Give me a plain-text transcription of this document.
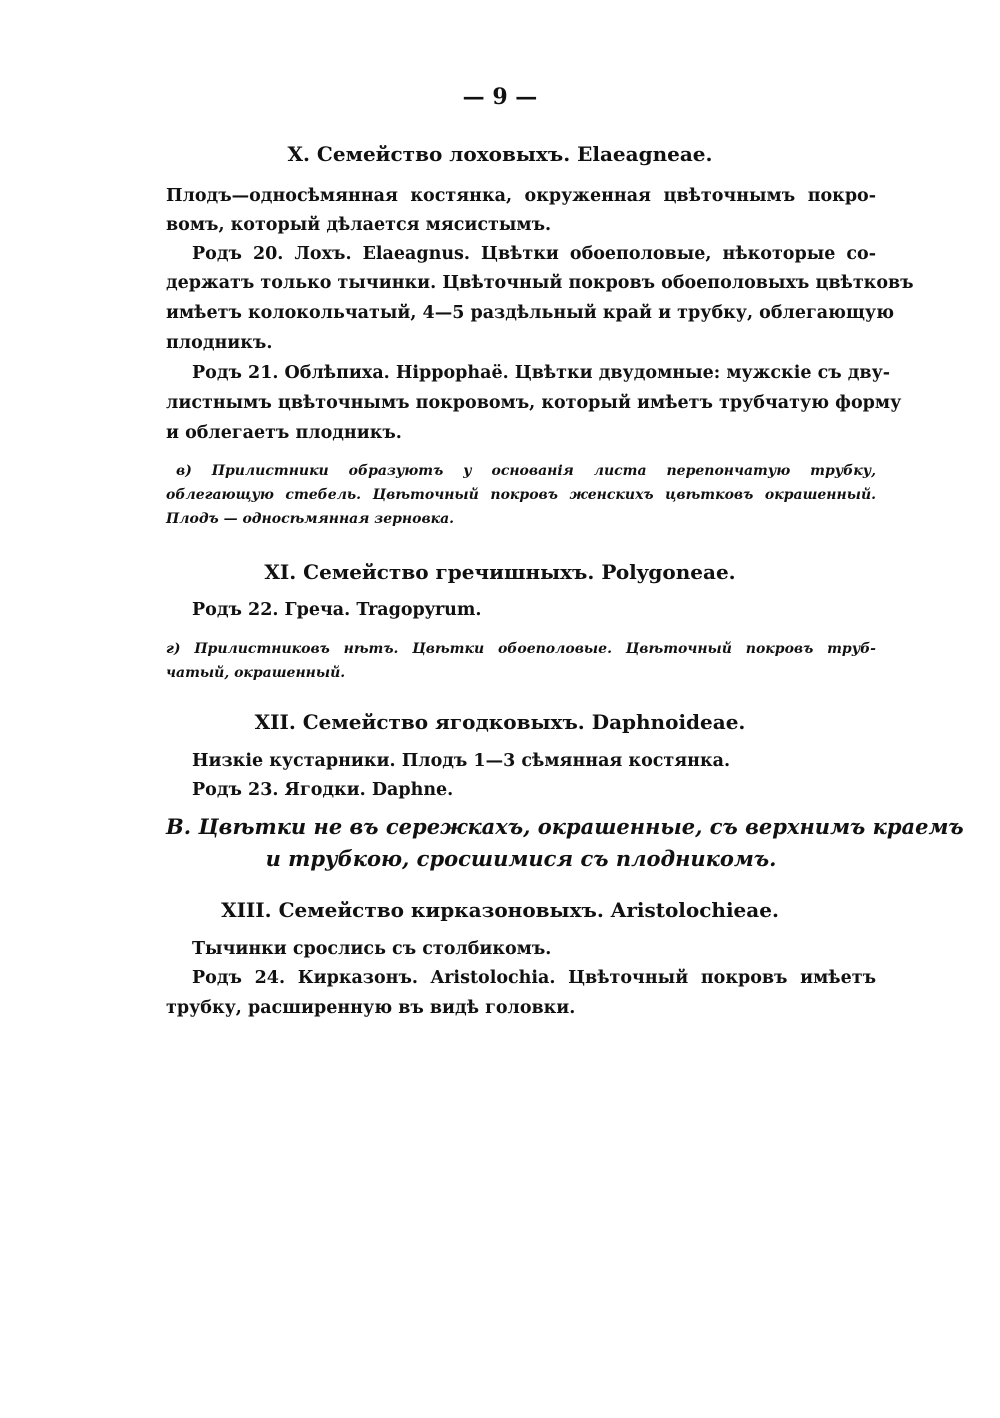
— 9 —
X. Семейство лоховыхъ. Elaeagneae.
Плодъ—односѣмянная костянка, окруженная цвѣточнымъ покро-
вомъ, который дѣлается мясистымъ.
Родъ 20. Лохъ. Elaeagnus. Цвѣтки обоеполовые, нѣкоторые со-
держатъ только тычинки. Цвѣточный покровъ обоеполовыхъ цвѣтковъ
имѣетъ колокольчатый, 4—5 раздѣльный край и трубку, облегающую
плодникъ.
Родъ 21. Облѣпиха. Hippophaë. Цвѣтки двудомные: мужскiе съ дву-
листнымъ цвѣточнымъ покровомъ, который имѣетъ трубчатую форму
и облегаетъ плодникъ.
в) Прилистники образуютъ у основанiя листа перепончатую трубку,
облегающую стебель. Цвѣточный покровъ женскихъ цвѣтковъ окрашенный.
Плодъ — односѣмянная зерновка.
XI. Семейство гречишныхъ. Polygoneae.
Родъ 22. Греча. Tragopyrum.
г) Прилистниковъ нѣтъ. Цвѣтки обоеполовые. Цвѣточный покровъ труб-
чатый, окрашенный.
XII. Семейство ягодковыхъ. Daphnoideae.
Низкiе кустарники. Плодъ 1—3 сѣмянная костянка.
Родъ 23. Ягодки. Daphne.
B. Цвѣтки не въ сережкахъ, окрашенные, съ верхнимъ краемъ
и трубкою, сросшимися съ плодникомъ.
XIII. Семейство кирказоновыхъ. Aristolochieae.
Тычинки срослись съ столбикомъ.
Родъ 24. Кирказонъ. Aristolochia. Цвѣточный покровъ имѣетъ
трубку, расширенную въ видѣ головки.
